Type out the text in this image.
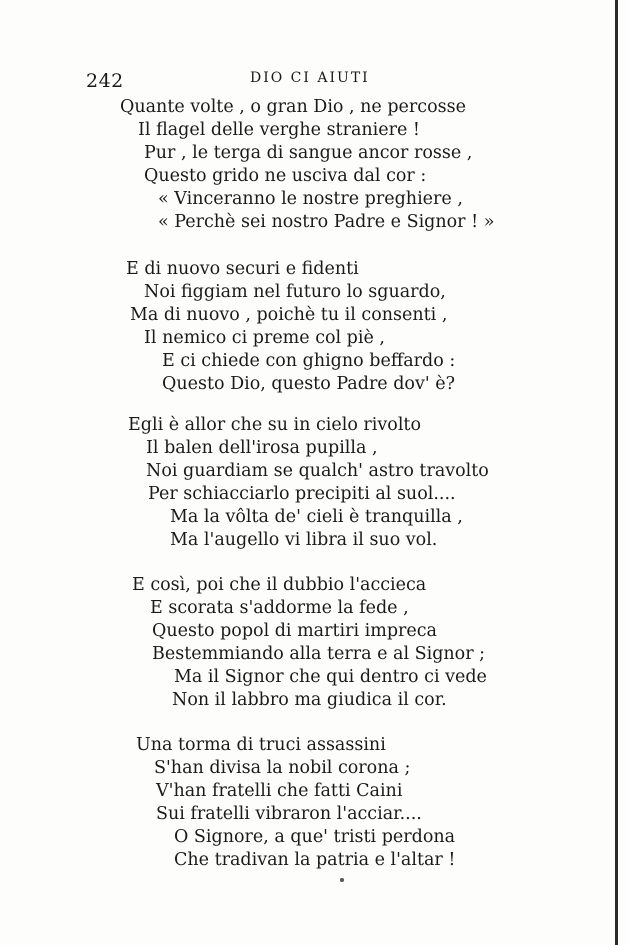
242	DIO CI AIUTI
Quante volte , o gran Dio , ne percosse
Il flagel delle verghe straniere !
Pur , le terga di sangue ancor rosse ,
Questo grido ne usciva dal cor :
« Vinceranno le nostre preghiere ,
« Perchè sei nostro Padre e Signor ! »
E di nuovo securi e fidenti
Noi figgiam nel futuro lo sguardo,
Ma di nuovo , poichè tu il consenti ,
Il nemico ci preme col piè ,
E ci chiede con ghigno beffardo :
Questo Dio, questo Padre dov' è?
Egli è allor che su in cielo rivolto
Il balen dell'irosa pupilla ,
Noi guardiam se qualch' astro travolto
Per schiacciarlo precipiti al suol....
Ma la vôlta de' cieli è tranquilla ,
Ma l'augello vi libra il suo vol.
E così, poi che il dubbio l'accieca
E scorata s'addorme la fede ,
Questo popol di martiri impreca
Bestemmiando alla terra e al Signor ;
Ma il Signor che qui dentro ci vede
Non il labbro ma giudica il cor.
Una torma di truci assassini
S'han divisa la nobil corona ;
V'han fratelli che fatti Caini
Sui fratelli vibraron l'acciar....
O Signore, a que' tristi perdona
Che tradivan la patria e l'altar !
